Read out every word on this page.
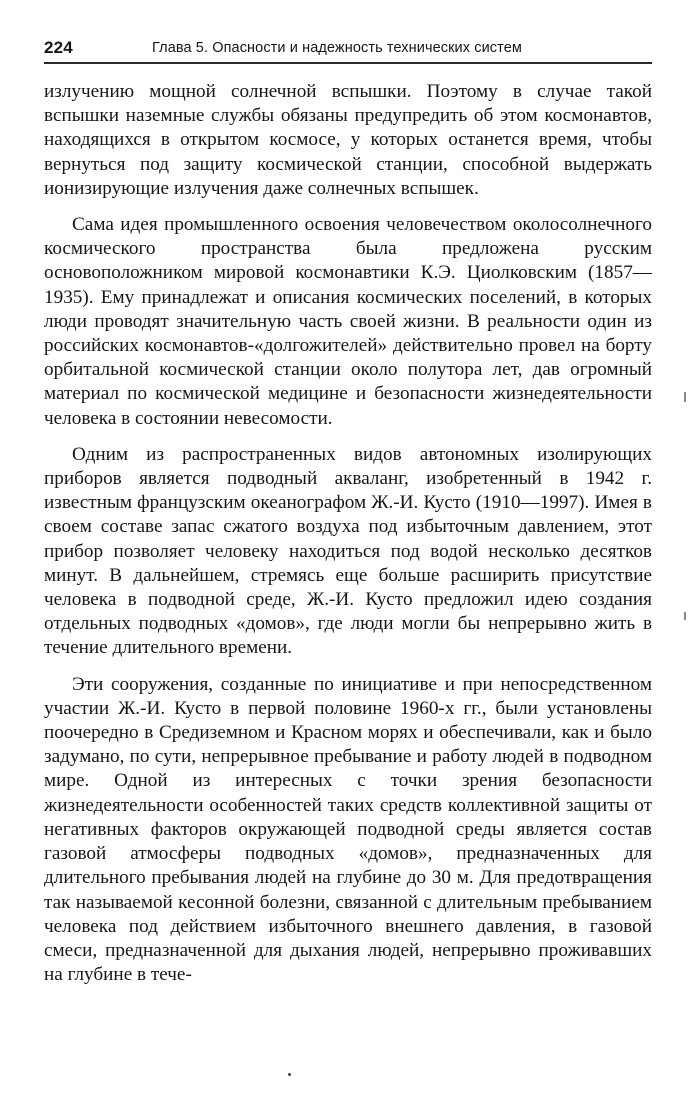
224	Глава 5. Опасности и надежность технических систем

излучению мощной солнечной вспышки. Поэтому в случае такой вспышки наземные службы обязаны предупредить об этом космонавтов, находящихся в открытом космосе, у которых останется время, чтобы вернуться под защиту космической станции, способной выдержать ионизирующие излучения даже солнечных вспышек.

Сама идея промышленного освоения человечеством околосолнечного космического пространства была предложена русским основоположником мировой космонавтики К.Э. Циолковским (1857—1935). Ему принадлежат и описания космических поселений, в которых люди проводят значительную часть своей жизни. В реальности один из российских космонавтов-«долгожителей» действительно провел на борту орбитальной космической станции около полутора лет, дав огромный материал по космической медицине и безопасности жизнедеятельности человека в состоянии невесомости.

Одним из распространенных видов автономных изолирующих приборов является подводный акваланг, изобретенный в 1942 г. известным французским океанографом Ж.-И. Кусто (1910—1997). Имея в своем составе запас сжатого воздуха под избыточным давлением, этот прибор позволяет человеку находиться под водой несколько десятков минут. В дальнейшем, стремясь еще больше расширить присутствие человека в подводной среде, Ж.-И. Кусто предложил идею создания отдельных подводных «домов», где люди могли бы непрерывно жить в течение длительного времени.

Эти сооружения, созданные по инициативе и при непосредственном участии Ж.-И. Кусто в первой половине 1960-х гг., были установлены поочередно в Средиземном и Красном морях и обеспечивали, как и было задумано, по сути, непрерывное пребывание и работу людей в подводном мире. Одной из интересных с точки зрения безопасности жизнедеятельности особенностей таких средств коллективной защиты от негативных факторов окружающей подводной среды является состав газовой атмосферы подводных «домов», предназначенных для длительного пребывания людей на глубине до 30 м. Для предотвращения так называемой кесонной болезни, связанной с длительным пребыванием человека под действием избыточного внешнего давления, в газовой смеси, предназначенной для дыхания людей, непрерывно проживавших на глубине в тече-
